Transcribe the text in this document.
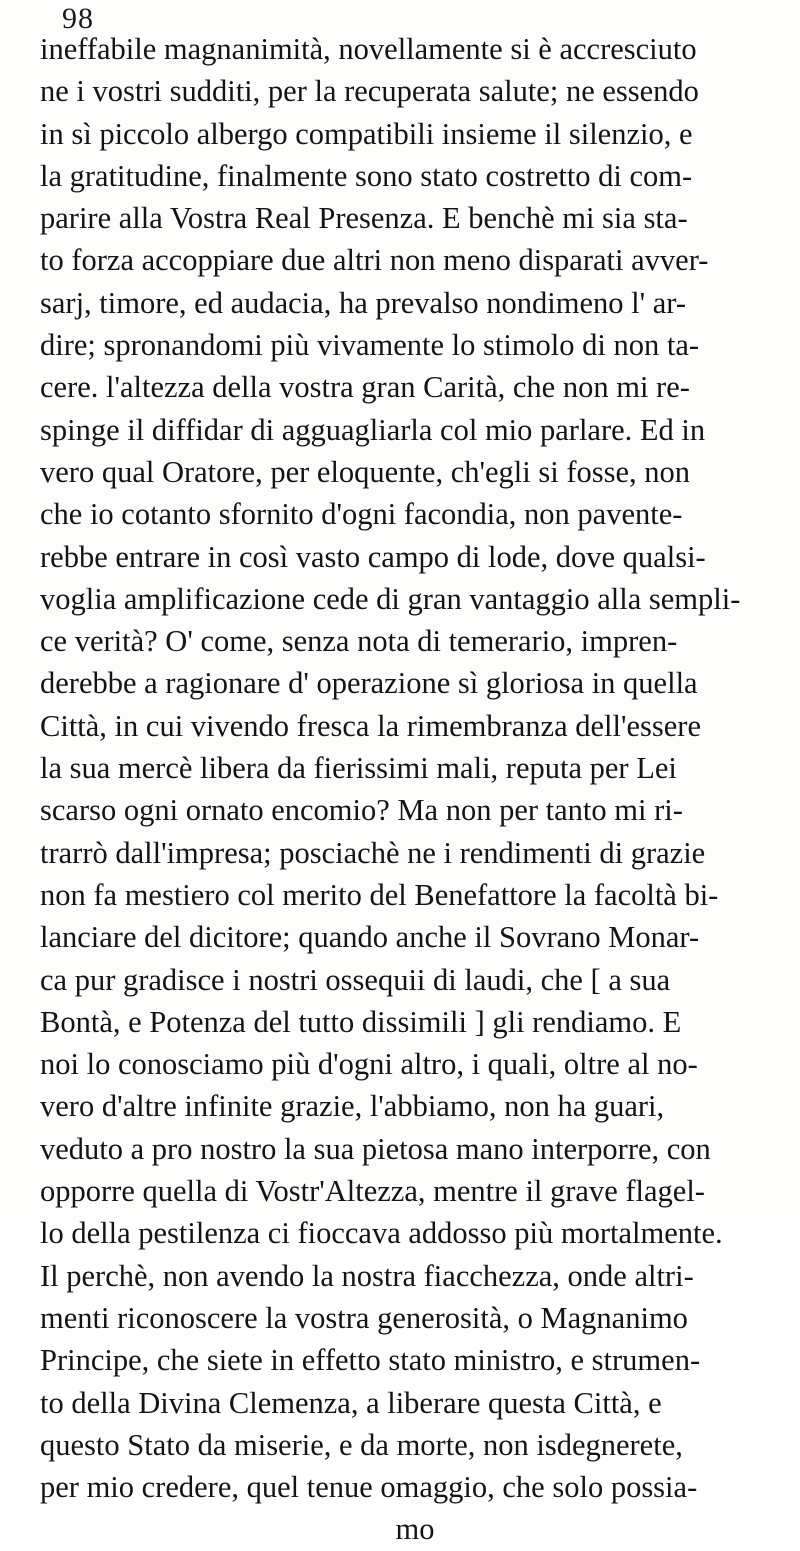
98
ineffabile magnanimità, novellamente si è accresciuto
ne i vostri sudditi, per la recuperata salute; ne essendo
in sì piccolo albergo compatibili insieme il silenzio, e
la gratitudine, finalmente sono stato costretto di com-
parire alla Vostra Real Presenza. E benchè mi sia sta-
to forza accoppiare due altri non meno disparati avver-
sarj, timore, ed audacia, ha prevalso nondimeno l' ar-
dire; spronandomi più vivamente lo stimolo di non ta-
cere. l'altezza della vostra gran Carità, che non mi re-
spinge il diffidar di agguagliarla col mio parlare. Ed in
vero qual Oratore, per eloquente, ch'egli si fosse, non
che io cotanto sfornito d'ogni facondia, non pavente-
rebbe entrare in così vasto campo di lode, dove qualsi-
voglia amplificazione cede di gran vantaggio alla sempli-
ce verità? O' come, senza nota di temerario, impren-
derebbe a ragionare d' operazione sì gloriosa in quella
Città, in cui vivendo fresca la rimembranza dell'essere
la sua mercè libera da fierissimi mali, reputa per Lei
scarso ogni ornato encomio? Ma non per tanto mi ri-
trarrò dall'impresa; posciachè ne i rendimenti di grazie
non fa mestiero col merito del Benefattore la facoltà bi-
lanciare del dicitore; quando anche il Sovrano Monar-
ca pur gradisce i nostri ossequii di laudi, che [ a sua
Bontà, e Potenza del tutto dissimili ] gli rendiamo. E
noi lo conosciamo più d'ogni altro, i quali, oltre al no-
vero d'altre infinite grazie, l'abbiamo, non ha guari,
veduto a pro nostro la sua pietosa mano interporre, con
opporre quella di Vostr'Altezza, mentre il grave flagel-
lo della pestilenza ci fioccava addosso più mortalmente.
Il perchè, non avendo la nostra fiacchezza, onde altri-
menti riconoscere la vostra generosità, o Magnanimo
Principe, che siete in effetto stato ministro, e strumen-
to della Divina Clemenza, a liberare questa Città, e
questo Stato da miserie, e da morte, non isdegnerete,
per mio credere, quel tenue omaggio, che solo possia-
mo
